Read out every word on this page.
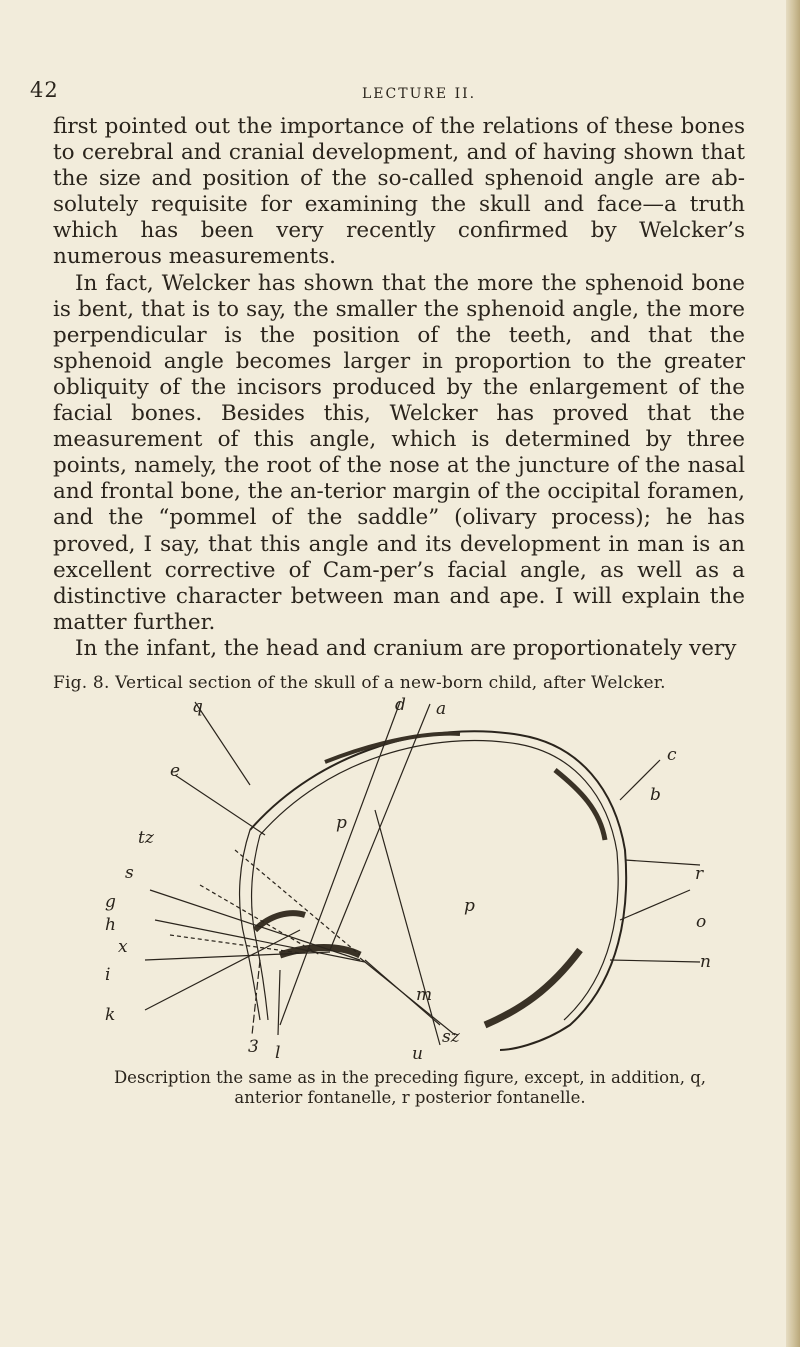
42	LECTURE II.

first pointed out the importance of the relations of these bones to cerebral and cranial development, and of having shown that the size and position of the so-called sphenoid angle are ab-solutely requisite for examining the skull and face—a truth which has been very recently confirmed by Welcker’s numerous measurements.

In fact, Welcker has shown that the more the sphenoid bone is bent, that is to say, the smaller the sphenoid angle, the more perpendicular is the position of the teeth, and that the sphenoid angle becomes larger in proportion to the greater obliquity of the incisors produced by the enlargement of the facial bones. Besides this, Welcker has proved that the measurement of this angle, which is determined by three points, namely, the root of the nose at the juncture of the nasal and frontal bone, the an-terior margin of the occipital foramen, and the “pommel of the saddle” (olivary process); he has proved, I say, that this angle and its development in man is an excellent corrective of Cam-per’s facial angle, as well as a distinctive character between man and ape. I will explain the matter further.

In the infant, the head and cranium are proportionately very

Fig. 8. Vertical section of the skull of a new-born child, after Welcker.
q	d a
c
b
e
tz
s
g
h
x
i
k
p
p
r
o
n
m
3 l	u
sz
Description the same as in the preceding figure, except, in addition, q, anterior fontanelle, r posterior fontanelle.
